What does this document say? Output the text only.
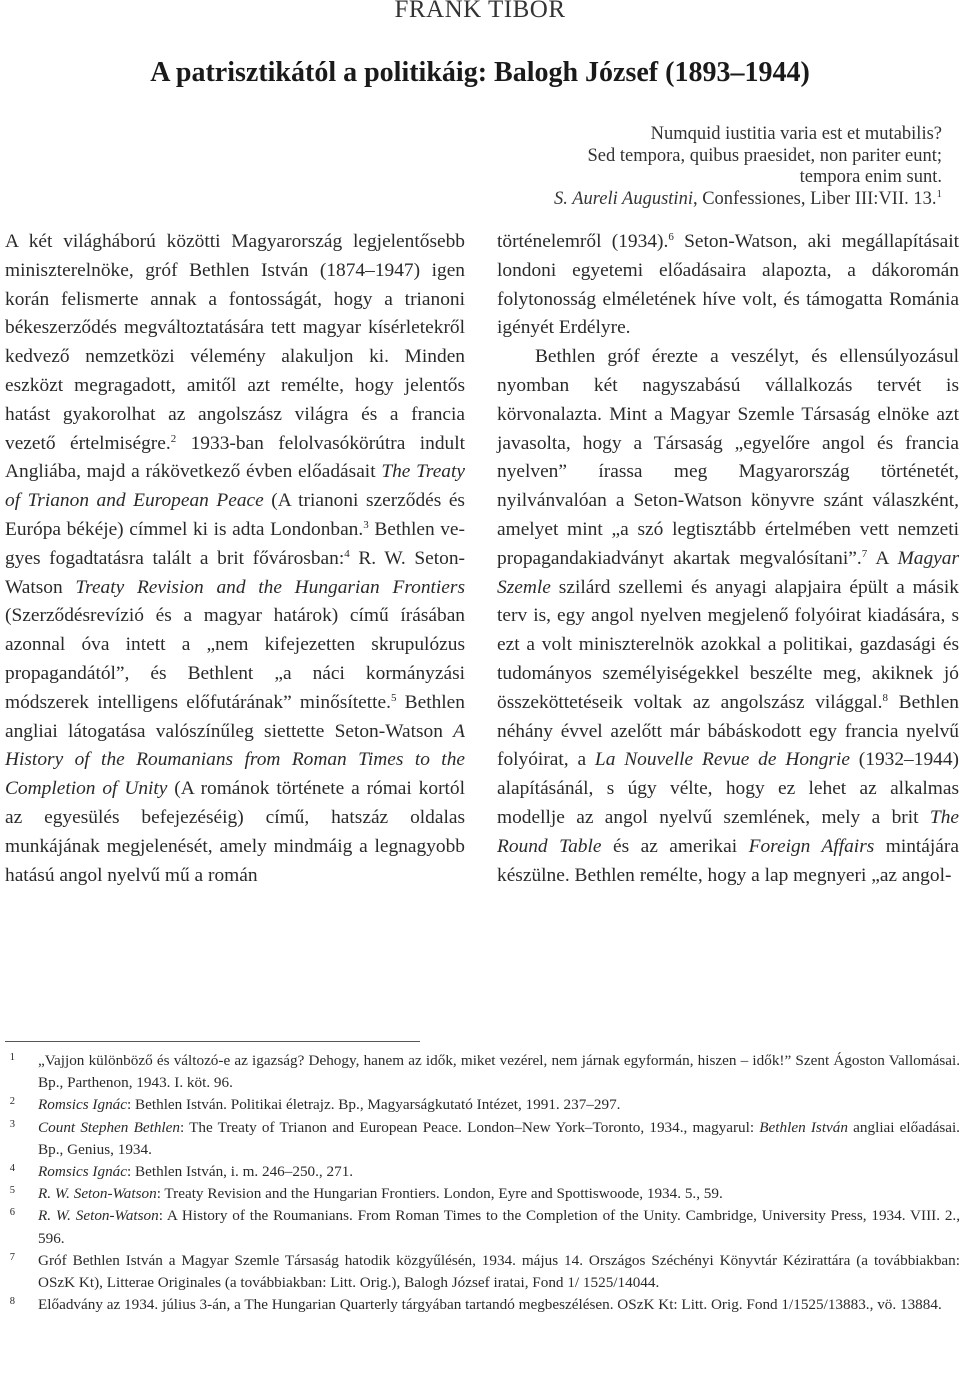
FRANK TIBOR
A patrisztikától a politikáig: Balogh József (1893–1944)
Numquid iustitia varia est et mutabilis?
Sed tempora, quibus praesidet, non pariter eunt;
tempora enim sunt.
S. Aureli Augustini, Confessiones, Liber III:VII. 13.$^1$

A két világháború közötti Magyarország legjelentősebb miniszterelnöke, gróf Bethlen István (1874–1947) igen korán felismerte annak a fontosságát, hogy a trianoni békeszerződés megváltoztatására tett magyar kísérletekről kedvező nemzetközi vélemény alakuljon ki. Minden eszközt megragadott, amitől azt remélte, hogy jelentős hatást gyakorolhat az angolszász világra és a francia vezető értelmiségre.$^2$ 1933-ban felolvasókörútra indult Angliába, majd a rákövetkező évben előadásait The Treaty of Trianon and European Peace (A trianoni szerződés és Európa békéje) címmel ki is adta Londonban.$^3$ Bethlen vegyes fogadtatásra talált a brit fővárosban:$^4$ R. W. Seton-Watson Treaty Revision and the Hungarian Frontiers (Szerződésrevízió és a magyar határok) című írásában azonnal óva intett a „nem kifejezetten skrupulózus propagandától”, és Bethlent „a náci kormányzási módszerek intelligens előfutárának” minősítette.$^5$ Bethlen angliai látogatása valószínűleg siettette Seton-Watson A History of the Roumanians from Roman Times to the Completion of Unity (A románok története a római kortól az egyesülés befejezéséig) című, hatszáz oldalas munkájának megjelenését, amely mindmáig a legnagyobb hatású angol nyelvű mű a román

történelemről (1934).$^6$ Seton-Watson, aki megállapításait londoni egyetemi előadásaira alapozta, a dákoromán folytonosság elméletének híve volt, és támogatta Románia igényét Erdélyre.

Bethlen gróf érezte a veszélyt, és ellensúlyozásul nyomban két nagyszabású vállalkozás tervét is körvonalazta. Mint a Magyar Szemle Társaság elnöke azt javasolta, hogy a Társaság „egyelőre angol és francia nyelven” írassa meg Magyarország történetét, nyilvánvalóan a Seton-Watson könyvre szánt válaszként, amelyet mint „a szó legtisztább értelmében vett nemzeti propagandakiadványt akartak megvalósítani”.$^7$ A Magyar Szemle szilárd szellemi és anyagi alapjaira épült a másik terv is, egy angol nyelven megjelenő folyóirat kiadására, s ezt a volt miniszterelnök azokkal a politikai, gazdasági és tudományos személyiségekkel beszélte meg, akiknek jó összeköttetéseik voltak az angolszász világgal.$^8$ Bethlen néhány évvel azelőtt már bábáskodott egy francia nyelvű folyóirat, a La Nouvelle Revue de Hongrie (1932–1944) alapításánál, s úgy vélte, hogy ez lehet az alkalmas modellje az angol nyelvű szemlének, mely a brit The Round Table és az amerikai Foreign Affairs mintájára készülne. Bethlen remélte, hogy a lap megnyeri „az angol-

1 „Vajjon különböző és változó-e az igazság? Dehogy, hanem az idők, miket vezérel, nem járnak egyformán, hiszen – idők!” Szent Ágoston Vallomásai. Bp., Parthenon, 1943. I. köt. 96.
2 Romsics Ignác: Bethlen István. Politikai életrajz. Bp., Magyarságkutató Intézet, 1991. 237–297.
3 Count Stephen Bethlen: The Treaty of Trianon and European Peace. London–New York–Toronto, 1934., magyarul: Bethlen István angliai előadásai. Bp., Genius, 1934.
4 Romsics Ignác: Bethlen István, i. m. 246–250., 271.
5 R. W. Seton-Watson: Treaty Revision and the Hungarian Frontiers. London, Eyre and Spottiswoode, 1934. 5., 59.
6 R. W. Seton-Watson: A History of the Roumanians. From Roman Times to the Completion of the Unity. Cambridge, University Press, 1934. VIII. 2., 596.
7 Gróf Bethlen István a Magyar Szemle Társaság hatodik közgyűlésén, 1934. május 14. Országos Széchényi Könyvtár Kézirattára (a továbbiakban: OSzK Kt), Litterae Originales (a továbbiakban: Litt. Orig.), Balogh József iratai, Fond 1/ 1525/14044.
8 Előadvány az 1934. július 3-án, a The Hungarian Quarterly tárgyában tartandó megbeszélésen. OSzK Kt: Litt. Orig. Fond 1/1525/13883., vö. 13884.
